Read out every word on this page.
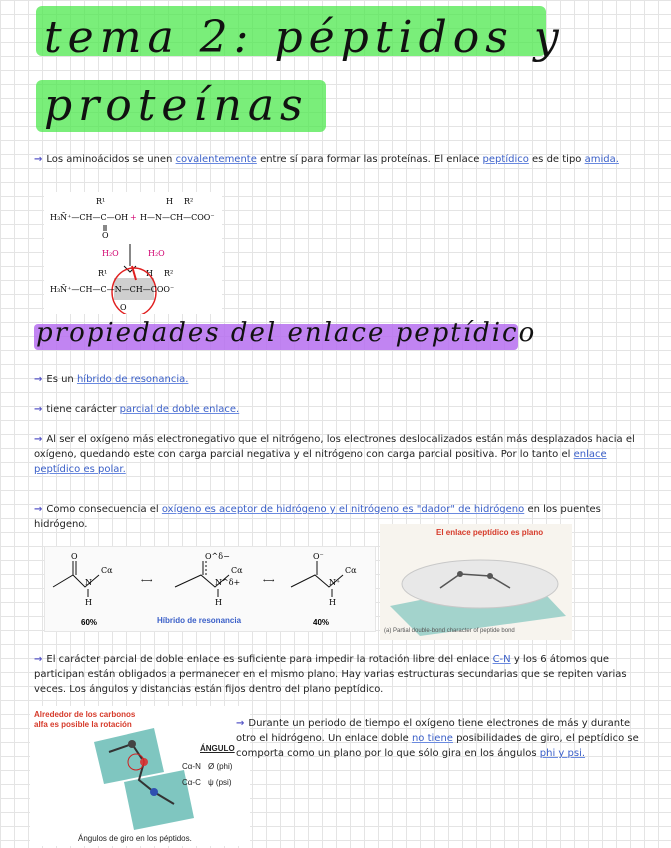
tema 2: péptidos y
proteínas
→ Los aminoácidos se unen covalentemente entre sí para formar las proteínas. El enlace peptídico es de tipo amida.
R¹	H R²
H₃N̄⁺—CH—C—OH + H—N—CH—COO⁻
O
H₂O	H₂O
R¹	H R²
H₃N̄⁺—CH—C—N—CH—COO⁻
O
propiedades del enlace peptídico
→ Es un híbrido de resonancia.
→ tiene carácter parcial de doble enlace.
→ Al ser el oxígeno más electronegativo que el nitrógeno, los electrones deslocalizados están más desplazados hacia el oxígeno, quedando este con carga parcial negativa y el nitrógeno con carga parcial positiva. Por lo tanto el enlace peptídico es polar.
→ Como consecuencia el oxígeno es aceptor de hidrógeno y el nitrógeno es "dador" de hidrógeno en los puentes hidrógeno.
O	O^δ−	O⁻
N
Cα
H
⟷	N^δ+
Cα
H
⟷	N⁺
Cα
H
60%	Híbrido de resonancia	40%
El enlace peptídico es plano
(a) Partial double-bond character of peptide bond
→ El carácter parcial de doble enlace es suficiente para impedir la rotación libre del enlace C-N y los 6 átomos que participan están obligados a permanecer en el mismo plano. Hay varias estructuras secundarias que se repiten varias veces. Los ángulos y distancias están fijos dentro del plano peptídico.
Alrededor de los carbonos
alfa es posible la rotación
ÁNGULO
Cα-N Ø (phi)
Cα-C ψ (psi)
Ángulos de giro en los péptidos.
→ Durante un periodo de tiempo el oxígeno tiene electrones de más y durante otro el hidrógeno. Un enlace doble no tiene posibilidades de giro, el peptídico se comporta como un plano por lo que sólo gira en los ángulos phi y psi.
